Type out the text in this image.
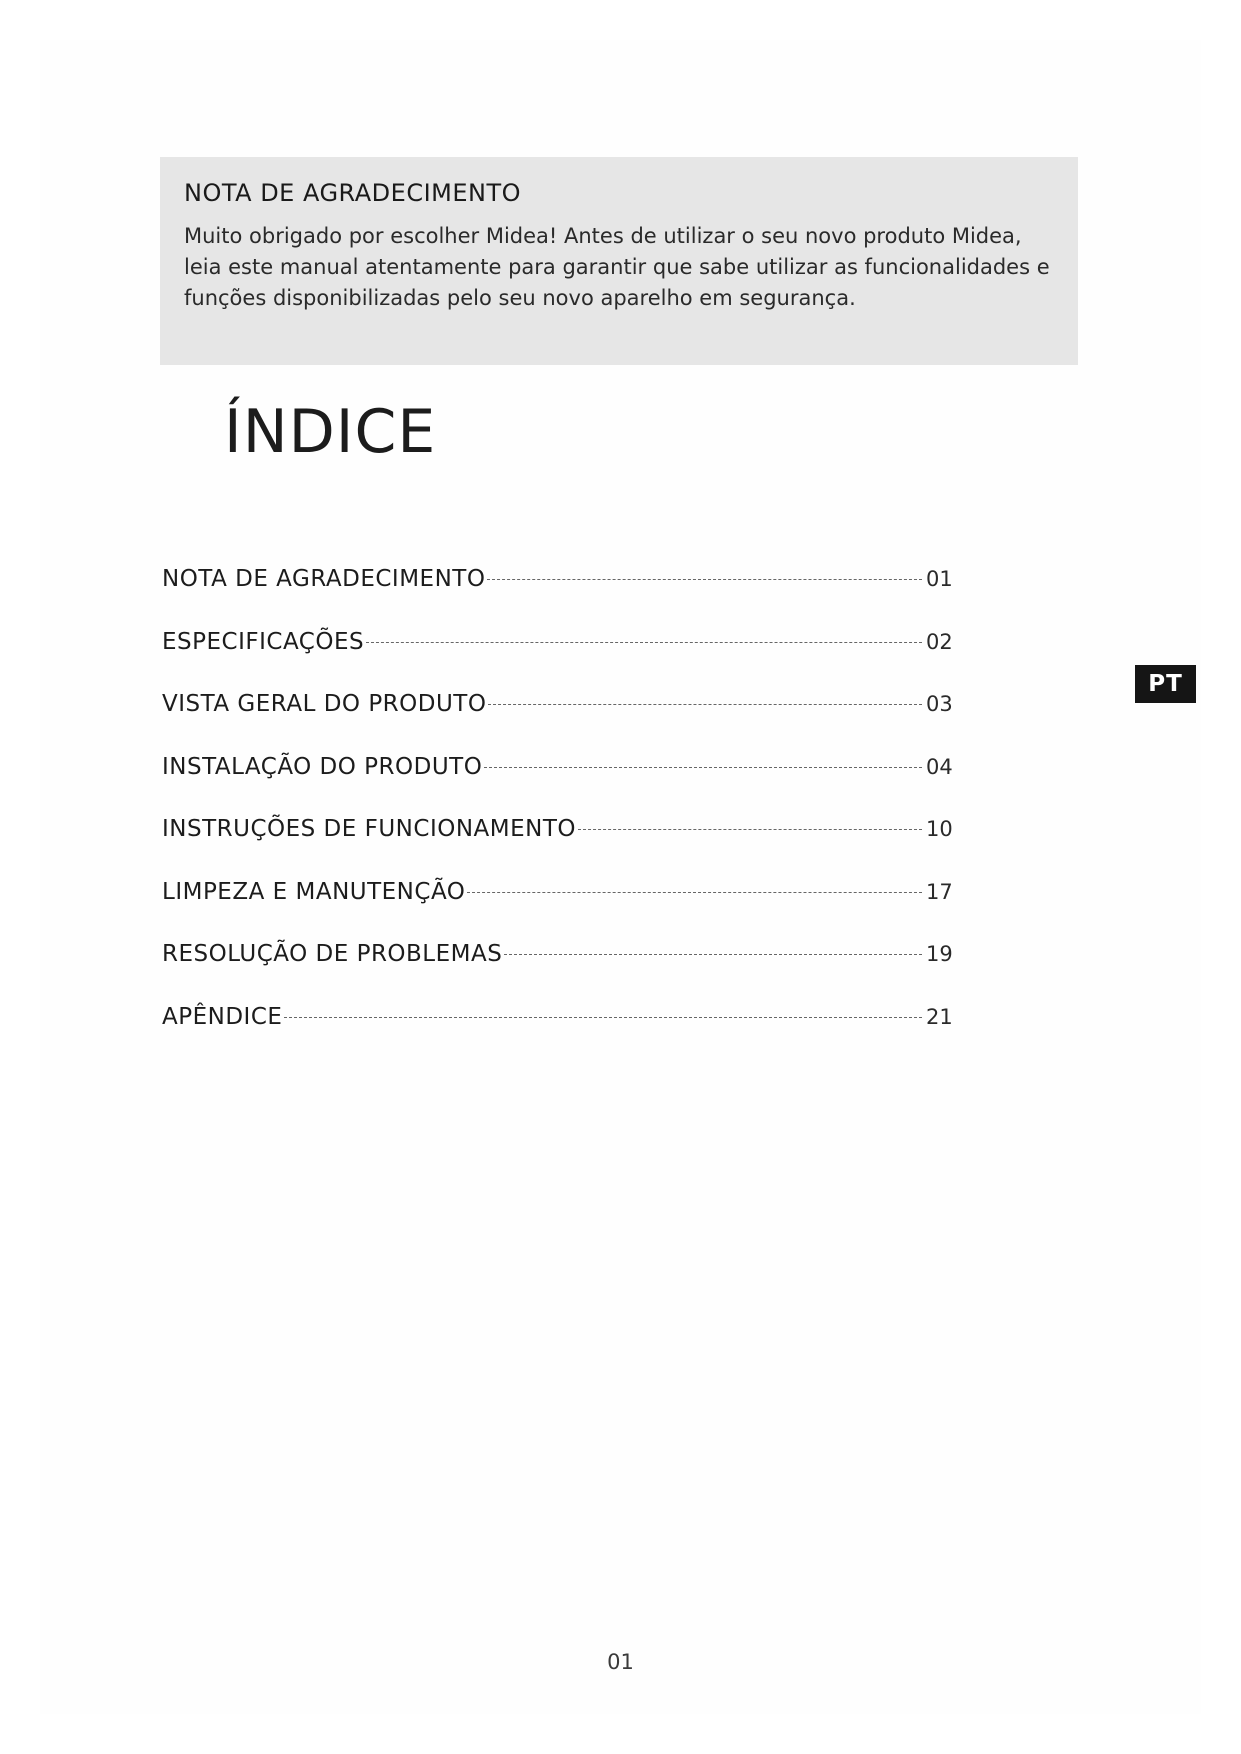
NOTA DE AGRADECIMENTO

Muito obrigado por escolher Midea! Antes de utilizar o seu novo produto Midea, leia este manual atentamente para garantir que sabe utilizar as funcionalidades e funções disponibilizadas pelo seu novo aparelho em segurança.

ÍNDICE
NOTA DE AGRADECIMENTO	01
ESPECIFICAÇÕES	02
VISTA GERAL DO PRODUTO	03
INSTALAÇÃO DO PRODUTO	04
INSTRUÇÕES DE FUNCIONAMENTO	10
LIMPEZA E MANUTENÇÃO	17
RESOLUÇÃO DE PROBLEMAS	19
APÊNDICE	21
PT
01
